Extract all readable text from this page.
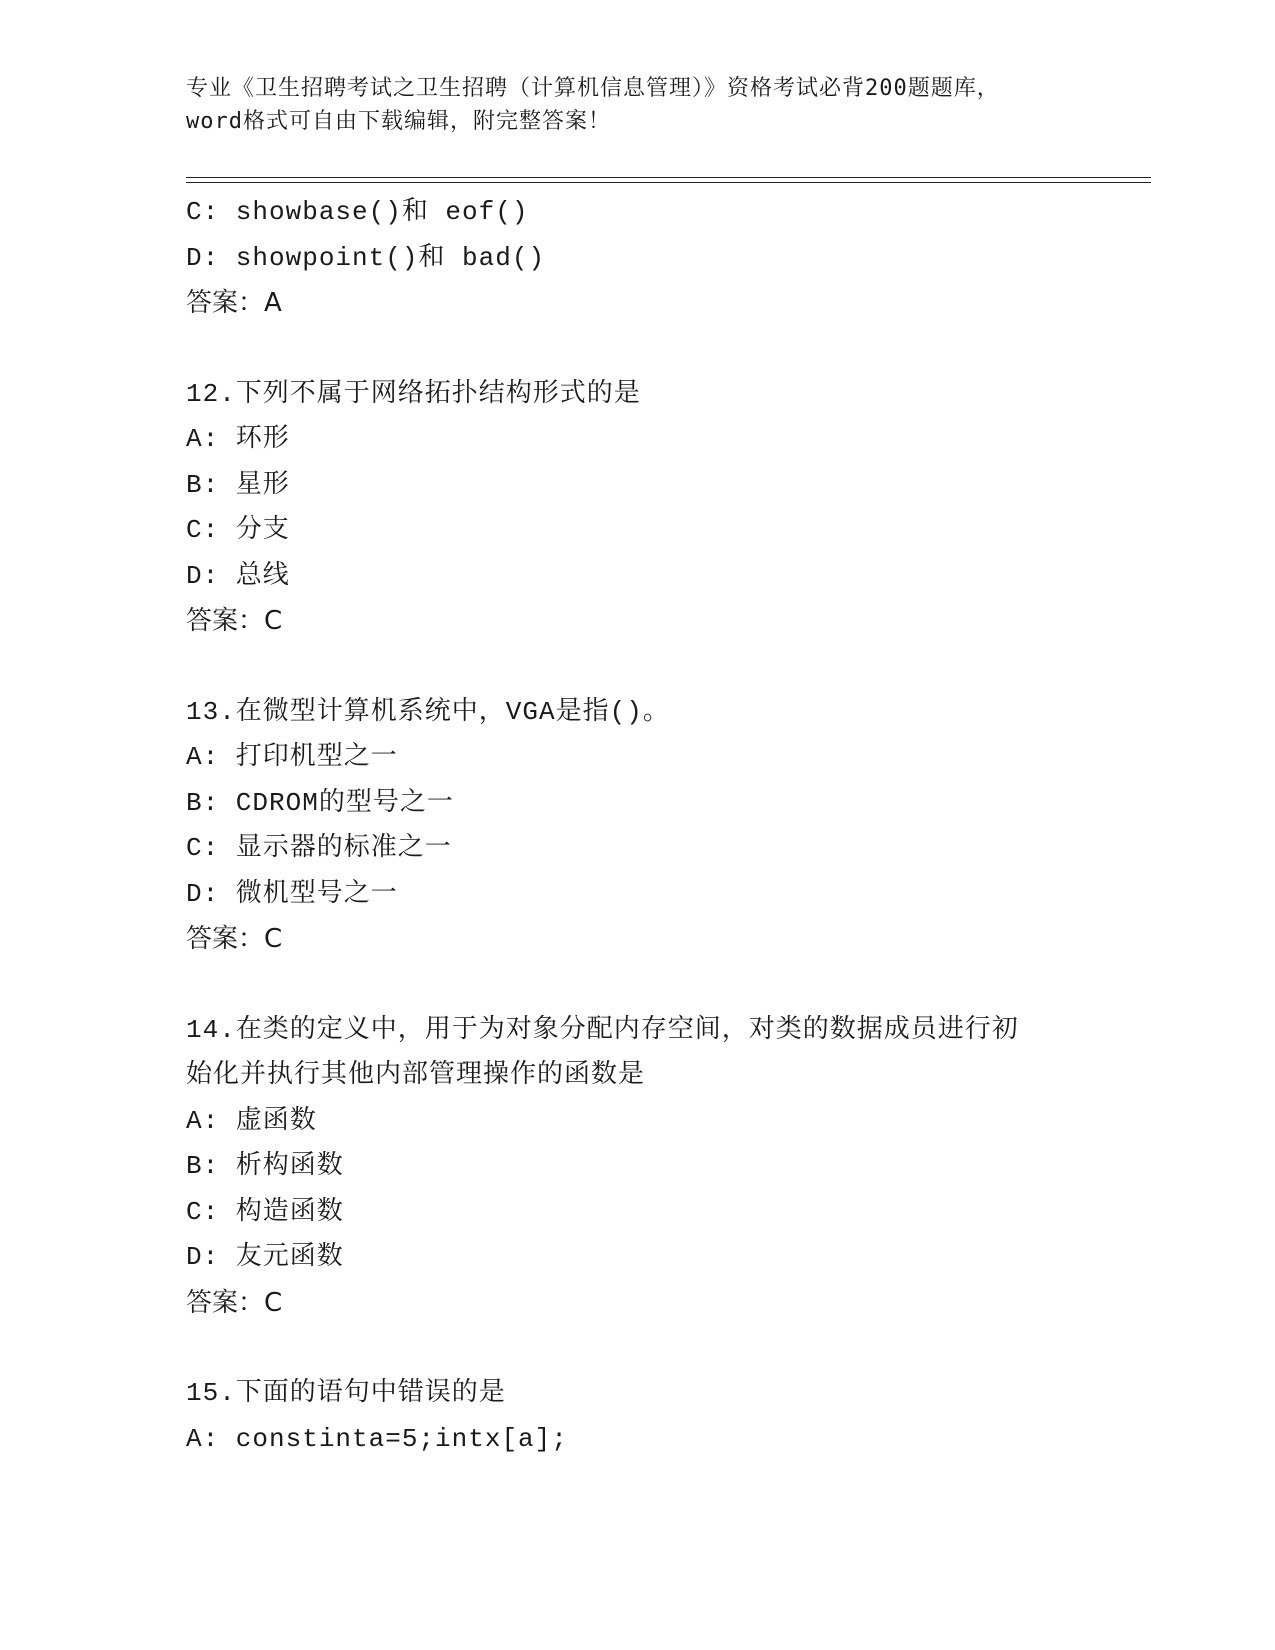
专业《卫生招聘考试之卫生招聘（计算机信息管理）》资格考试必背200题题库，
word格式可自由下载编辑，附完整答案！
C: showbase()和 eof()
D: showpoint()和 bad()
答案：A
12.下列不属于网络拓扑结构形式的是
A: 环形
B: 星形
C: 分支
D: 总线
答案：C
13.在微型计算机系统中，VGA是指()。
A: 打印机型之一
B: CDROM的型号之一
C: 显示器的标准之一
D: 微机型号之一
答案：C
14.在类的定义中，用于为对象分配内存空间，对类的数据成员进行初
始化并执行其他内部管理操作的函数是
A: 虚函数
B: 析构函数
C: 构造函数
D: 友元函数
答案：C
15.下面的语句中错误的是
A: constinta=5;intx[a];
